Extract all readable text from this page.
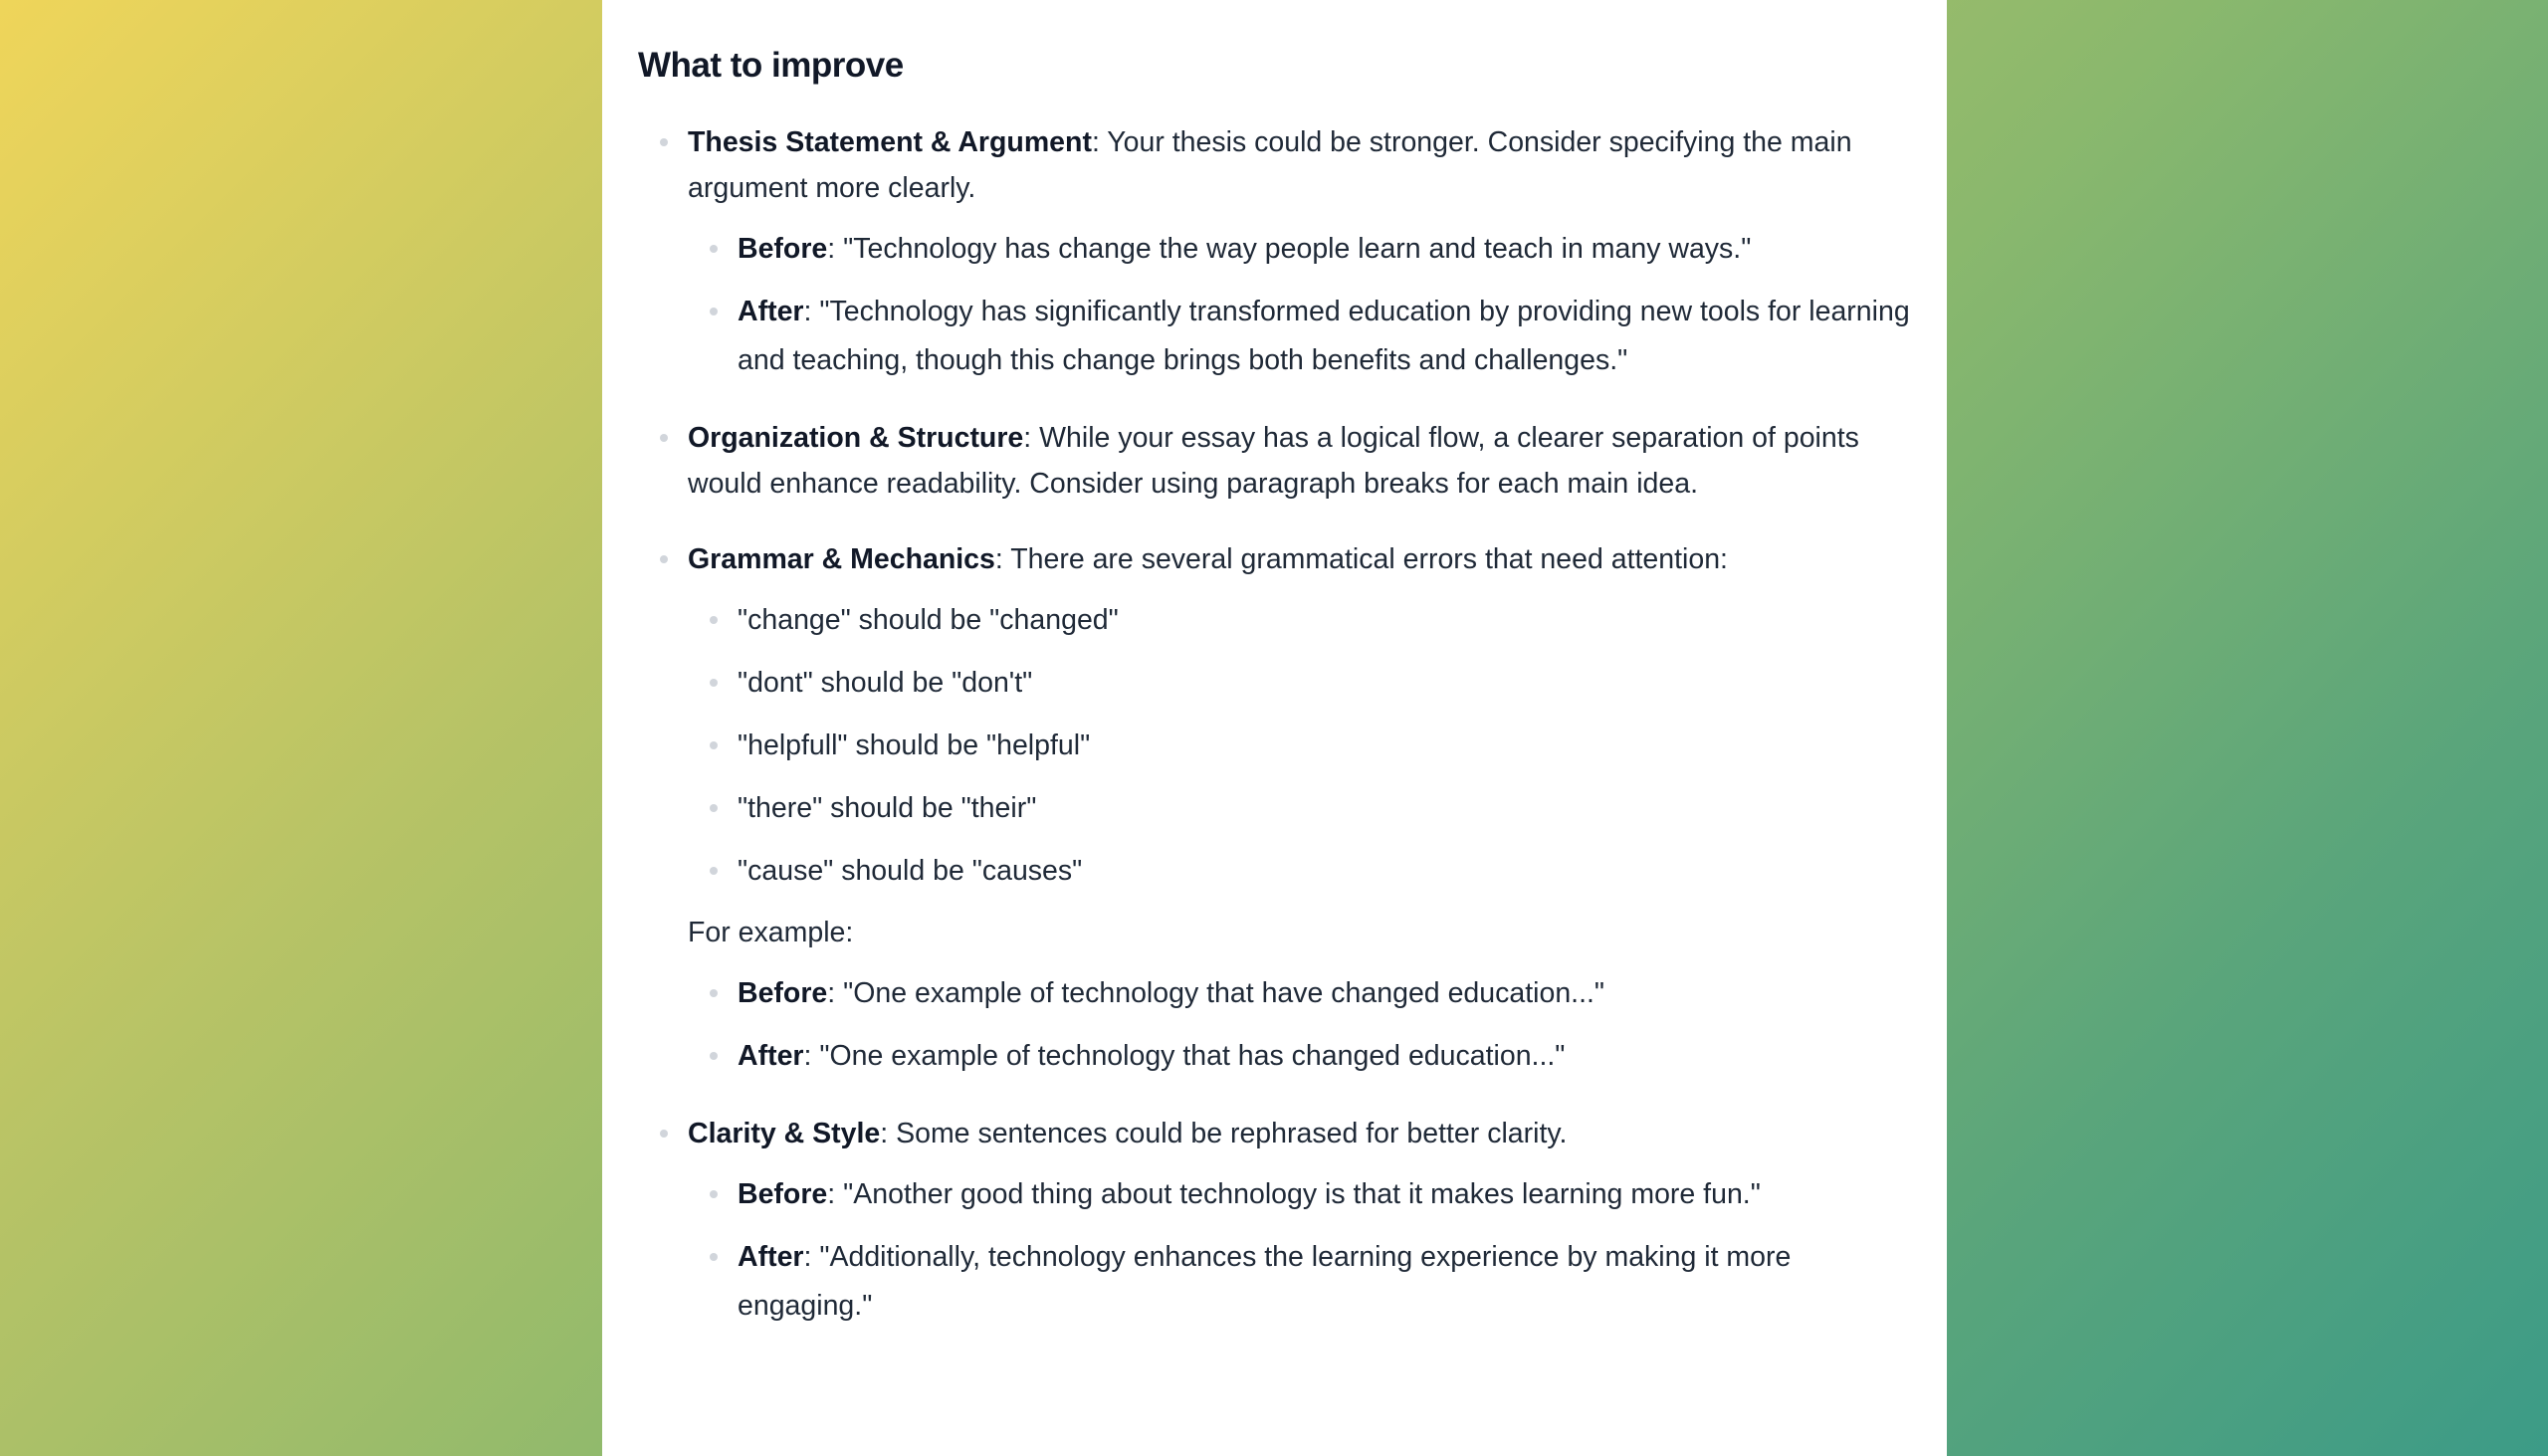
What to improve
Thesis Statement & Argument: Your thesis could be stronger. Consider specifying the main argument more clearly.
Before: "Technology has change the way people learn and teach in many ways."
After: "Technology has significantly transformed education by providing new tools for learning and teaching, though this change brings both benefits and challenges."
Organization & Structure: While your essay has a logical flow, a clearer separation of points would enhance readability. Consider using paragraph breaks for each main idea.
Grammar & Mechanics: There are several grammatical errors that need attention:
"change" should be "changed"
"dont" should be "don't"
"helpfull" should be "helpful"
"there" should be "their"
"cause" should be "causes"
For example:
Before: "One example of technology that have changed education..."
After: "One example of technology that has changed education..."
Clarity & Style: Some sentences could be rephrased for better clarity.
Before: "Another good thing about technology is that it makes learning more fun."
After: "Additionally, technology enhances the learning experience by making it more engaging."
